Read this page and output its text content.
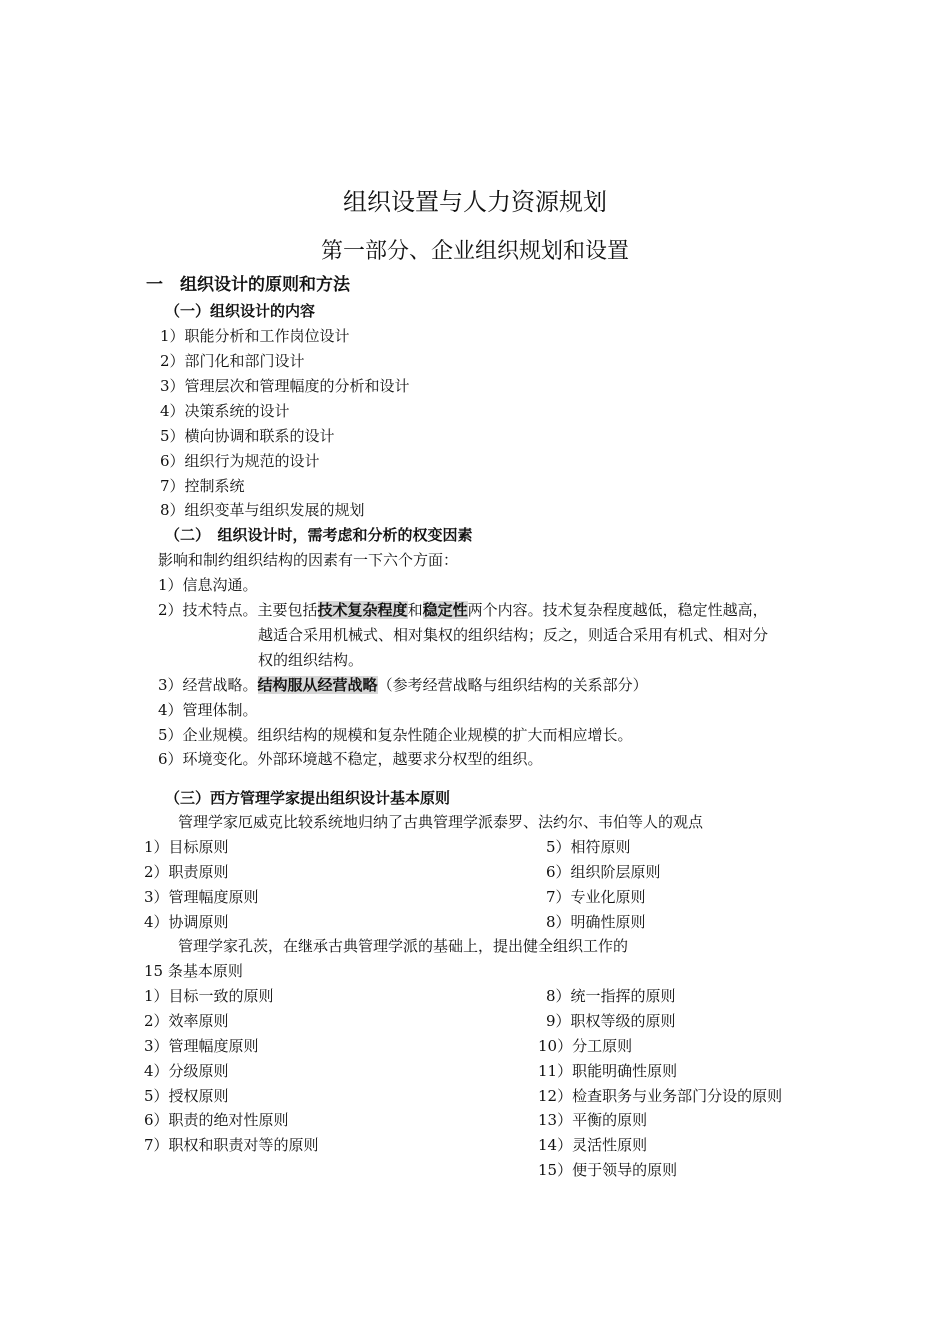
组织设置与人力资源规划
第一部分、企业组织规划和设置
一　组织设计的原则和方法
（一）组织设计的内容
1）职能分析和工作岗位设计
2）部门化和部门设计
3）管理层次和管理幅度的分析和设计
4）决策系统的设计
5）横向协调和联系的设计
6）组织行为规范的设计
7）控制系统
8）组织变革与组织发展的规划
（二）　组织设计时，需考虑和分析的权变因素
影响和制约组织结构的因素有一下六个方面：
1）信息沟通。
2）技术特点。主要包括技术复杂程度和稳定性两个内容。技术复杂程度越低，稳定性越高，
越适合采用机械式、相对集权的组织结构；反之，则适合采用有机式、相对分
权的组织结构。
3）经营战略。结构服从经营战略（参考经营战略与组织结构的关系部分）
4）管理体制。
5）企业规模。组织结构的规模和复杂性随企业规模的扩大而相应增长。
6）环境变化。外部环境越不稳定，越要求分权型的组织。
（三）西方管理学家提出组织设计基本原则
管理学家厄威克比较系统地归纳了古典管理学派泰罗、法约尔、韦伯等人的观点
1）目标原则
2）职责原则
3）管理幅度原则
4）协调原则
5）相符原则
6）组织阶层原则
7）专业化原则
8）明确性原则
管理学家孔茨，在继承古典管理学派的基础上，提出健全组织工作的
15 条基本原则
1）目标一致的原则
2）效率原则
3）管理幅度原则
4）分级原则
5）授权原则
6）职责的绝对性原则
7）职权和职责对等的原则
8）统一指挥的原则
9）职权等级的原则
10）分工原则
11）职能明确性原则
12）检查职务与业务部门分设的原则
13）平衡的原则
14）灵活性原则
15）便于领导的原则
